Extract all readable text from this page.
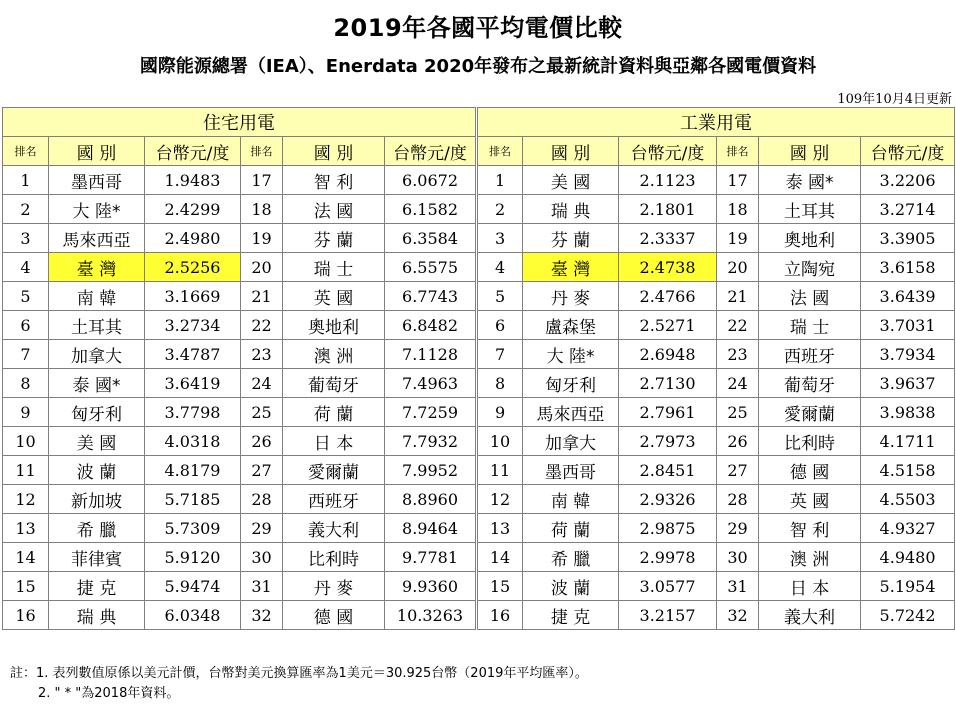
2019年各國平均電價比較
國際能源總署（IEA）、Enerdata 2020年發布之最新統計資料與亞鄰各國電價資料
109年10月4日更新
住宅用電						工業用電					
排名	國 別	台幣元/度	排名	國 別	台幣元/度	排名	國 別	台幣元/度	排名	國 別	台幣元/度
1	墨西哥	1.9483	17	智 利	6.0672	1	美 國	2.1123	17	泰 國*	3.2206
2	大 陸*	2.4299	18	法 國	6.1582	2	瑞 典	2.1801	18	土耳其	3.2714
3	馬來西亞	2.4980	19	芬 蘭	6.3584	3	芬 蘭	2.3337	19	奧地利	3.3905
4	臺 灣	2.5256	20	瑞 士	6.5575	4	臺 灣	2.4738	20	立陶宛	3.6158
5	南 韓	3.1669	21	英 國	6.7743	5	丹 麥	2.4766	21	法 國	3.6439
6	土耳其	3.2734	22	奧地利	6.8482	6	盧森堡	2.5271	22	瑞 士	3.7031
7	加拿大	3.4787	23	澳 洲	7.1128	7	大 陸*	2.6948	23	西班牙	3.7934
8	泰 國*	3.6419	24	葡萄牙	7.4963	8	匈牙利	2.7130	24	葡萄牙	3.9637
9	匈牙利	3.7798	25	荷 蘭	7.7259	9	馬來西亞	2.7961	25	愛爾蘭	3.9838
10	美 國	4.0318	26	日 本	7.7932	10	加拿大	2.7973	26	比利時	4.1711
11	波 蘭	4.8179	27	愛爾蘭	7.9952	11	墨西哥	2.8451	27	德 國	4.5158
12	新加坡	5.7185	28	西班牙	8.8960	12	南 韓	2.9326	28	英 國	4.5503
13	希 臘	5.7309	29	義大利	8.9464	13	荷 蘭	2.9875	29	智 利	4.9327
14	菲律賓	5.9120	30	比利時	9.7781	14	希 臘	2.9978	30	澳 洲	4.9480
15	捷 克	5.9474	31	丹 麥	9.9360	15	波 蘭	3.0577	31	日 本	5.1954
16	瑞 典	6.0348	32	德 國	10.3263	16	捷 克	3.2157	32	義大利	5.7242
註：1. 表列數值原係以美元計價，台幣對美元換算匯率為1美元＝30.925台幣（2019年平均匯率）。
2. " * "為2018年資料。
